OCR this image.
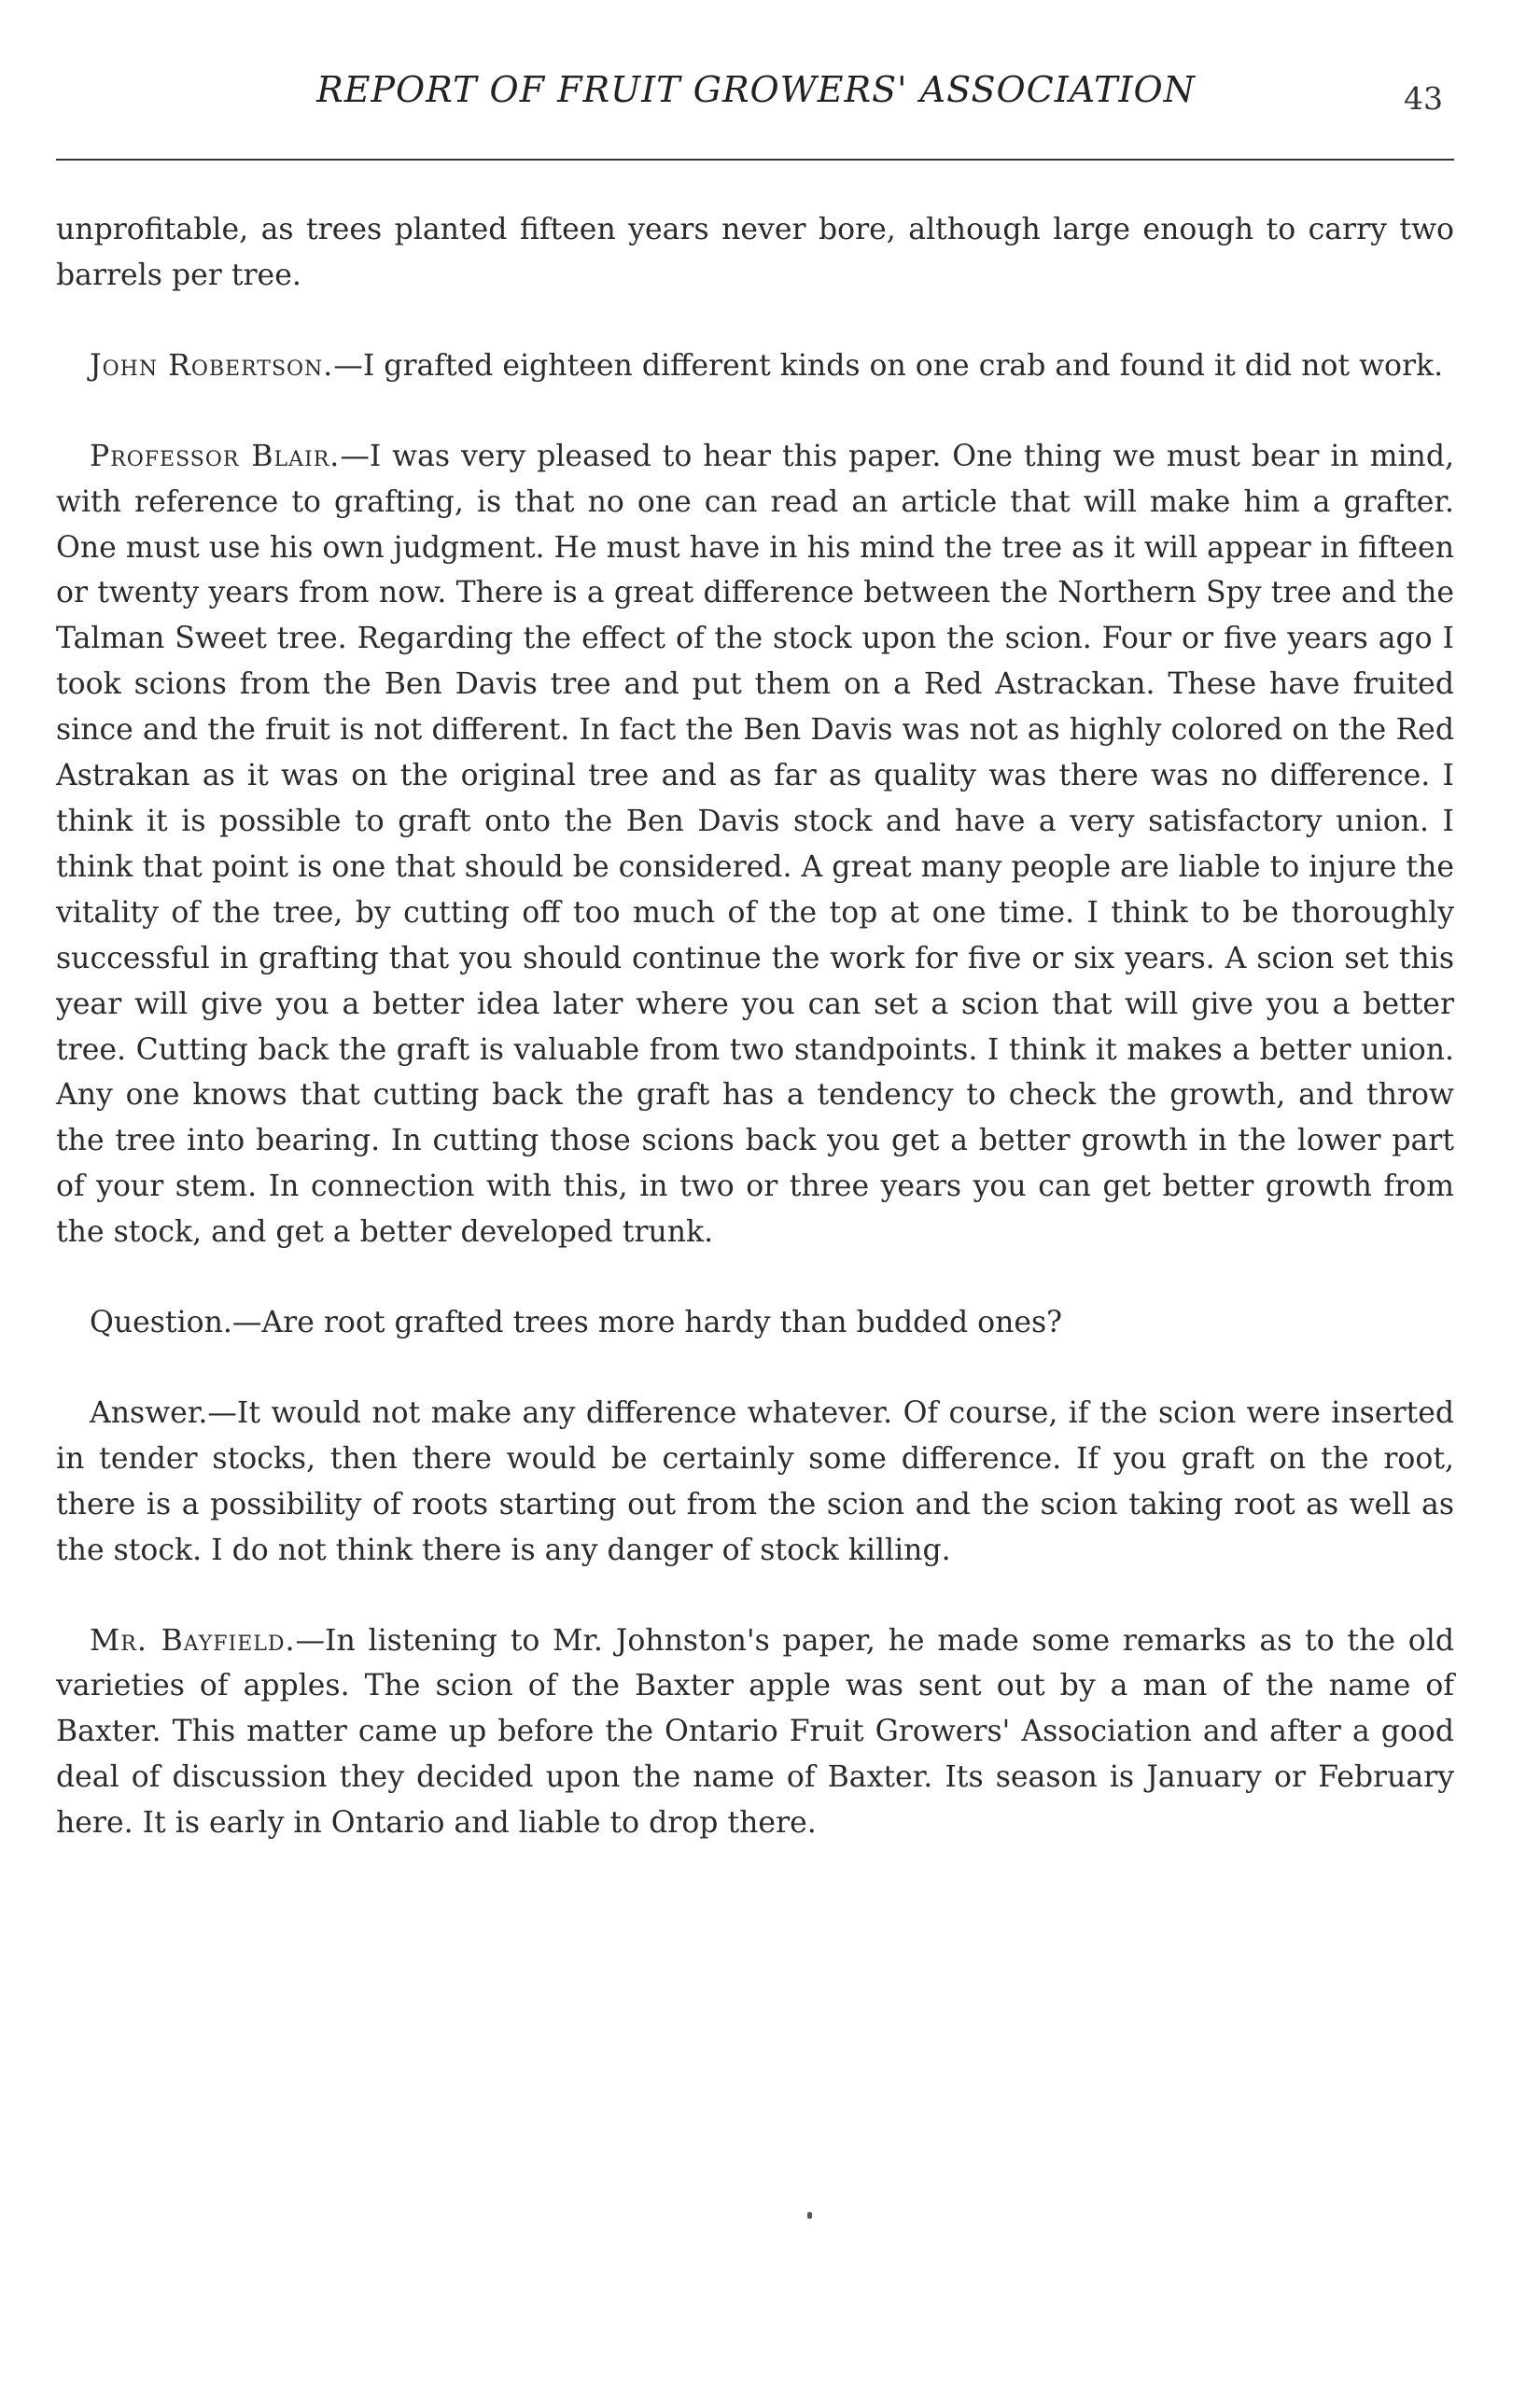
REPORT OF FRUIT GROWERS' ASSOCIATION	43

unprofitable, as trees planted fifteen years never bore, although large enough to carry two barrels per tree.

John Robertson.—I grafted eighteen different kinds on one crab and found it did not work.

Professor Blair.—I was very pleased to hear this paper. One thing we must bear in mind, with reference to grafting, is that no one can read an article that will make him a grafter. One must use his own judgment. He must have in his mind the tree as it will appear in fifteen or twenty years from now. There is a great difference between the Northern Spy tree and the Talman Sweet tree. Regarding the effect of the stock upon the scion. Four or five years ago I took scions from the Ben Davis tree and put them on a Red Astrackan. These have fruited since and the fruit is not different. In fact the Ben Davis was not as highly colored on the Red Astrakan as it was on the original tree and as far as quality was there was no difference. I think it is possible to graft onto the Ben Davis stock and have a very satisfactory union. I think that point is one that should be considered. A great many people are liable to injure the vitality of the tree, by cutting off too much of the top at one time. I think to be thoroughly successful in grafting that you should continue the work for five or six years. A scion set this year will give you a better idea later where you can set a scion that will give you a better tree. Cutting back the graft is valuable from two standpoints. I think it makes a better union. Any one knows that cutting back the graft has a tendency to check the growth, and throw the tree into bearing. In cutting those scions back you get a better growth in the lower part of your stem. In connection with this, in two or three years you can get better growth from the stock, and get a better developed trunk.

Question.—Are root grafted trees more hardy than budded ones?

Answer.—It would not make any difference whatever. Of course, if the scion were inserted in tender stocks, then there would be certainly some difference. If you graft on the root, there is a possibility of roots starting out from the scion and the scion taking root as well as the stock. I do not think there is any danger of stock killing.

Mr. Bayfield.—In listening to Mr. Johnston's paper, he made some remarks as to the old varieties of apples. The scion of the Baxter apple was sent out by a man of the name of Baxter. This matter came up before the Ontario Fruit Growers' Association and after a good deal of discussion they decided upon the name of Baxter. Its season is January or February here. It is early in Ontario and liable to drop there.
